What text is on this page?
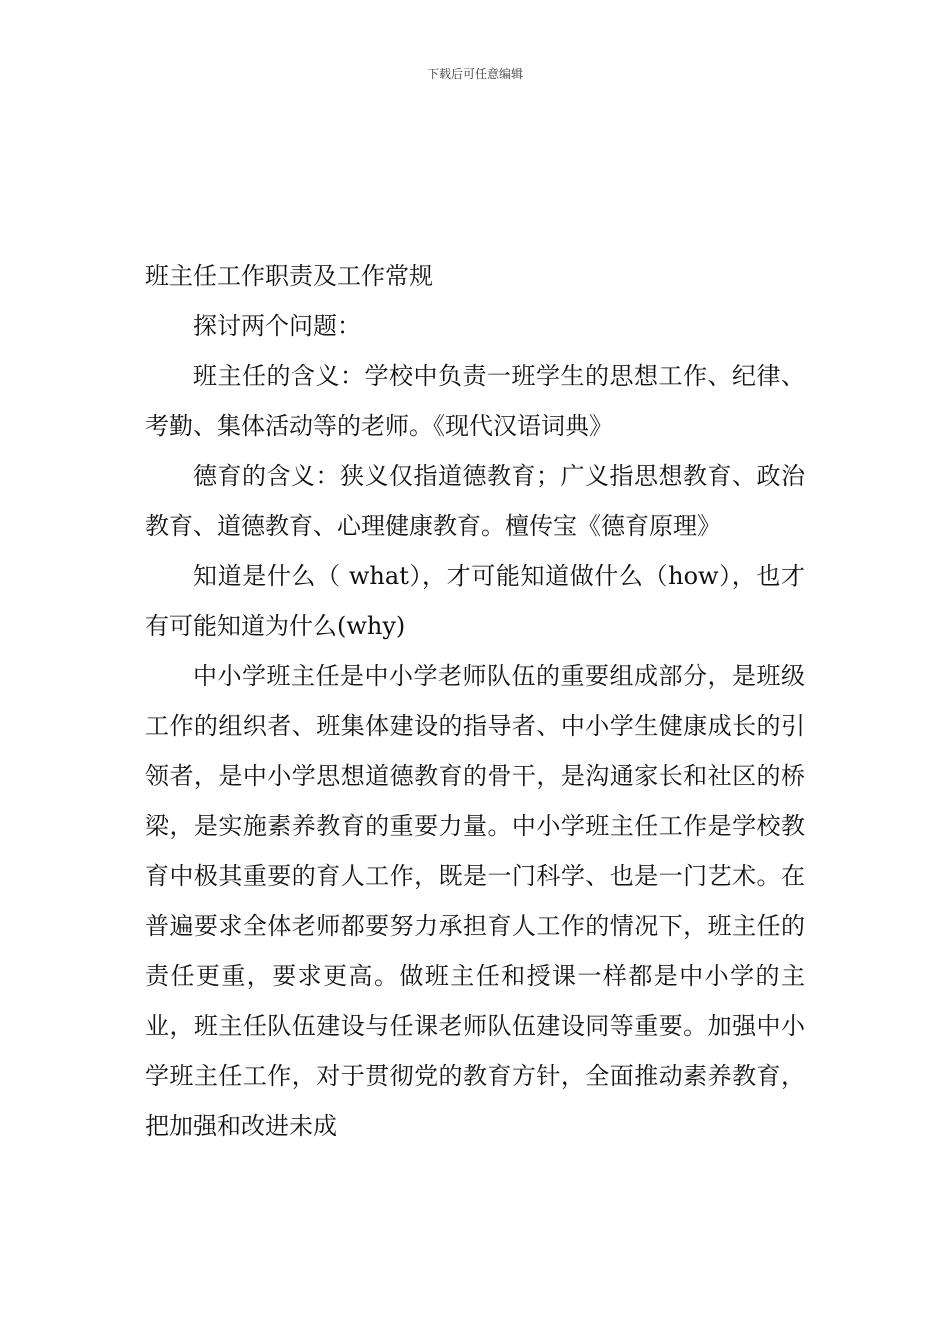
下载后可任意编辑
班主任工作职责及工作常规

探讨两个问题：

班主任的含义：学校中负责一班学生的思想工作、纪律、考勤、集体活动等的老师。《现代汉语词典》

德育的含义：狭义仅指道德教育；广义指思想教育、政治教育、道德教育、心理健康教育。檀传宝《德育原理》

知道是什么（ what），才可能知道做什么（how），也才有可能知道为什么(why)

中小学班主任是中小学老师队伍的重要组成部分，是班级工作的组织者、班集体建设的指导者、中小学生健康成长的引领者，是中小学思想道德教育的骨干，是沟通家长和社区的桥梁，是实施素养教育的重要力量。中小学班主任工作是学校教育中极其重要的育人工作，既是一门科学、也是一门艺术。在普遍要求全体老师都要努力承担育人工作的情况下，班主任的责任更重，要求更高。做班主任和授课一样都是中小学的主业，班主任队伍建设与任课老师队伍建设同等重要。加强中小学班主任工作，对于贯彻党的教育方针，全面推动素养教育，把加强和改进未成
